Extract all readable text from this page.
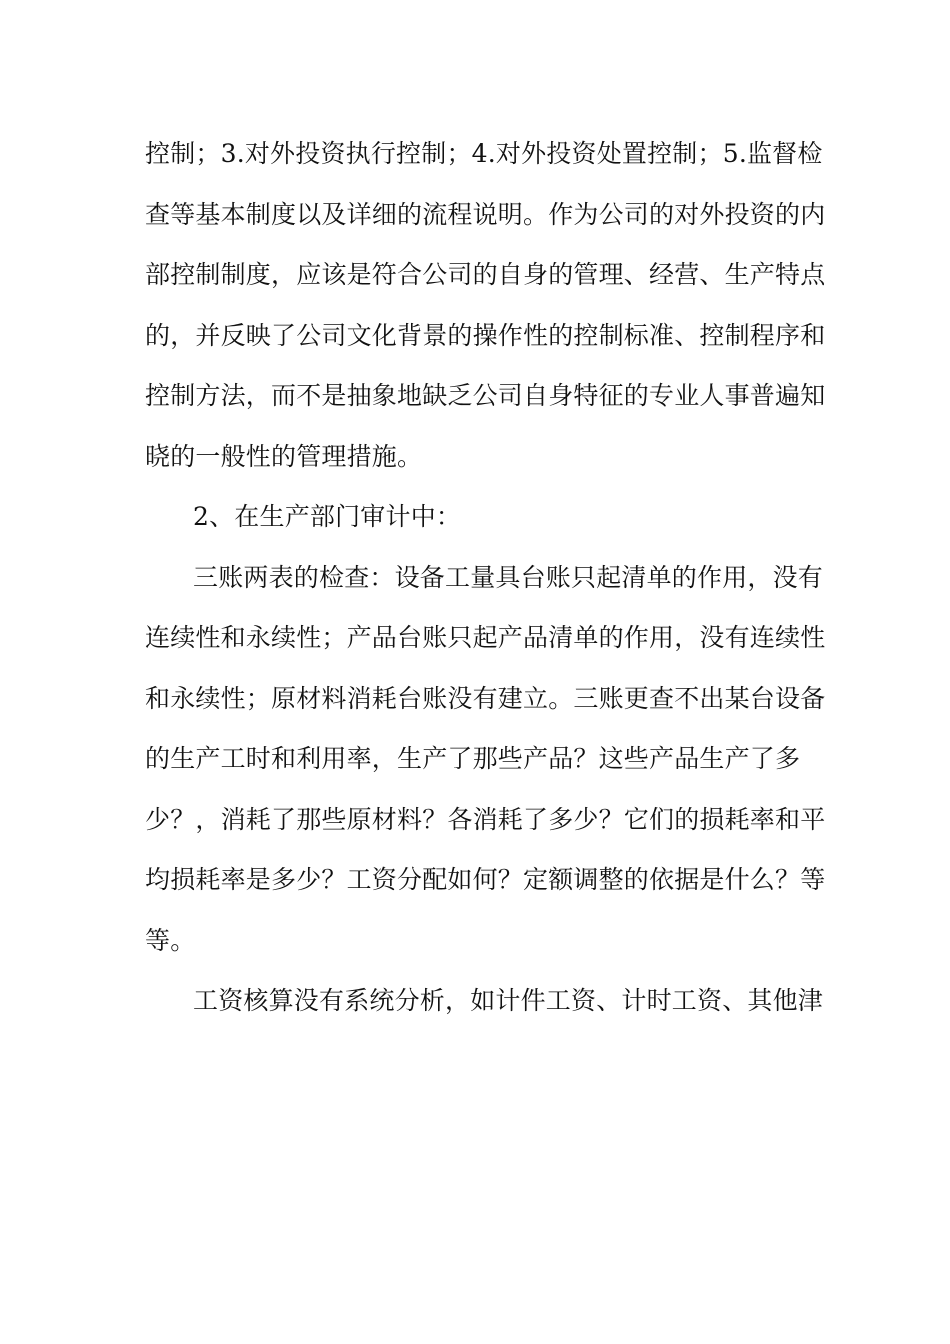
控制；3.对外投资执行控制；4.对外投资处置控制；5.监督检
查等基本制度以及详细的流程说明。作为公司的对外投资的内
部控制制度，应该是符合公司的自身的管理、经营、生产特点
的，并反映了公司文化背景的操作性的控制标准、控制程序和
控制方法，而不是抽象地缺乏公司自身特征的专业人事普遍知
晓的一般性的管理措施。
2、在生产部门审计中：
三账两表的检查：设备工量具台账只起清单的作用，没有
连续性和永续性；产品台账只起产品清单的作用，没有连续性
和永续性；原材料消耗台账没有建立。三账更查不出某台设备
的生产工时和利用率，生产了那些产品？这些产品生产了多
少？，消耗了那些原材料？各消耗了多少？它们的损耗率和平
均损耗率是多少？工资分配如何？定额调整的依据是什么？等
等。
工资核算没有系统分析，如计件工资、计时工资、其他津
